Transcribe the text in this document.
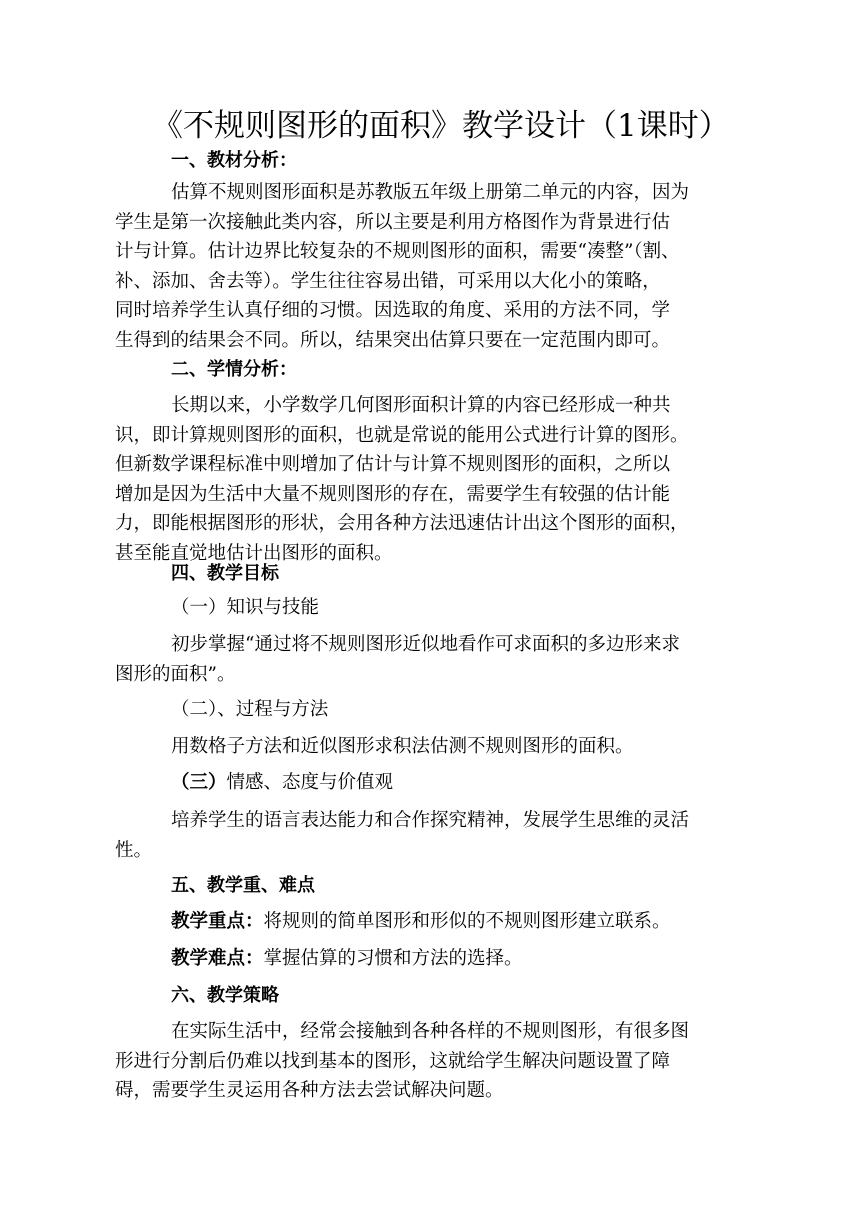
《不规则图形的面积》教学设计（1课时）
一、教材分析：
估算不规则图形面积是苏教版五年级上册第二单元的内容，因为
学生是第一次接触此类内容，所以主要是利用方格图作为背景进行估
计与计算。估计边界比较复杂的不规则图形的面积，需要“凑整”（割、
补、添加、舍去等）。学生往往容易出错，可采用以大化小的策略，
同时培养学生认真仔细的习惯。因选取的角度、采用的方法不同，学
生得到的结果会不同。所以，结果突出估算只要在一定范围内即可。
二、学情分析：
长期以来，小学数学几何图形面积计算的内容已经形成一种共
识，即计算规则图形的面积，也就是常说的能用公式进行计算的图形。
但新数学课程标准中则增加了估计与计算不规则图形的面积，之所以
增加是因为生活中大量不规则图形的存在，需要学生有较强的估计能
力，即能根据图形的形状，会用各种方法迅速估计出这个图形的面积，
甚至能直觉地估计出图形的面积。
四、教学目标
（一）知识与技能
初步掌握“通过将不规则图形近似地看作可求面积的多边形来求
图形的面积”。
（二）、过程与方法
用数格子方法和近似图形求积法估测不规则图形的面积。
（三）情感、态度与价值观
培养学生的语言表达能力和合作探究精神，发展学生思维的灵活
性。
五、教学重、难点
教学重点：将规则的简单图形和形似的不规则图形建立联系。
教学难点：掌握估算的习惯和方法的选择。
六、教学策略
在实际生活中，经常会接触到各种各样的不规则图形，有很多图
形进行分割后仍难以找到基本的图形，这就给学生解决问题设置了障
碍，需要学生灵运用各种方法去尝试解决问题。
